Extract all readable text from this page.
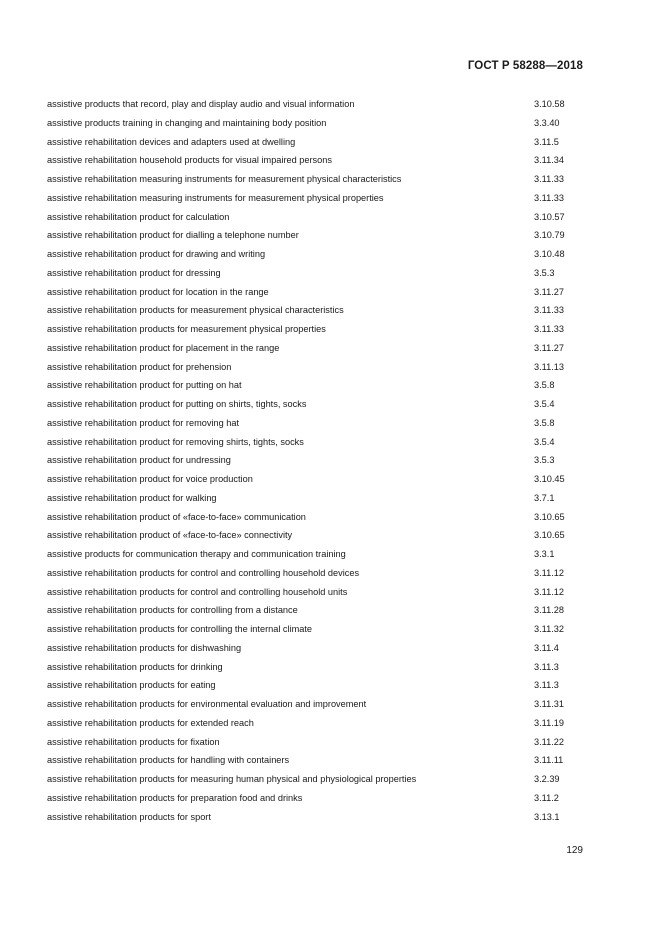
ГОСТ Р 58288—2018
assistive products that record, play and display audio and visual information	3.10.58
assistive products training in changing and maintaining body position	3.3.40
assistive rehabilitation devices and adapters used at dwelling	3.11.5
assistive rehabilitation household products for visual impaired persons	3.11.34
assistive rehabilitation measuring instruments for measurement physical characteristics	3.11.33
assistive rehabilitation measuring instruments for measurement physical properties	3.11.33
assistive rehabilitation product for calculation	3.10.57
assistive rehabilitation product for dialling a telephone number	3.10.79
assistive rehabilitation product for drawing and writing	3.10.48
assistive rehabilitation product for dressing	3.5.3
assistive rehabilitation product for location in the range	3.11.27
assistive rehabilitation products for measurement physical characteristics	3.11.33
assistive rehabilitation products for measurement physical properties	3.11.33
assistive rehabilitation product for placement in the range	3.11.27
assistive rehabilitation product for prehension	3.11.13
assistive rehabilitation product for putting on hat	3.5.8
assistive rehabilitation product for putting on shirts, tights, socks	3.5.4
assistive rehabilitation product for removing hat	3.5.8
assistive rehabilitation product for removing shirts, tights, socks	3.5.4
assistive rehabilitation product for undressing	3.5.3
assistive rehabilitation product for voice production	3.10.45
assistive rehabilitation product for walking	3.7.1
assistive rehabilitation product of «face-to-face» communication	3.10.65
assistive rehabilitation product of «face-to-face» connectivity	3.10.65
assistive products for communication therapy and communication training	3.3.1
assistive rehabilitation products for control and controlling household devices	3.11.12
assistive rehabilitation products for control and controlling household units	3.11.12
assistive rehabilitation products for controlling from a distance	3.11.28
assistive rehabilitation products for controlling the internal climate	3.11.32
assistive rehabilitation products for dishwashing	3.11.4
assistive rehabilitation products for drinking	3.11.3
assistive rehabilitation products for eating	3.11.3
assistive rehabilitation products for environmental evaluation and improvement	3.11.31
assistive rehabilitation products for extended reach	3.11.19
assistive rehabilitation products for fixation	3.11.22
assistive rehabilitation products for handling with containers	3.11.11
assistive rehabilitation products for measuring human physical and physiological properties	3.2.39
assistive rehabilitation products for preparation food and drinks	3.11.2
assistive rehabilitation products for sport	3.13.1
129
